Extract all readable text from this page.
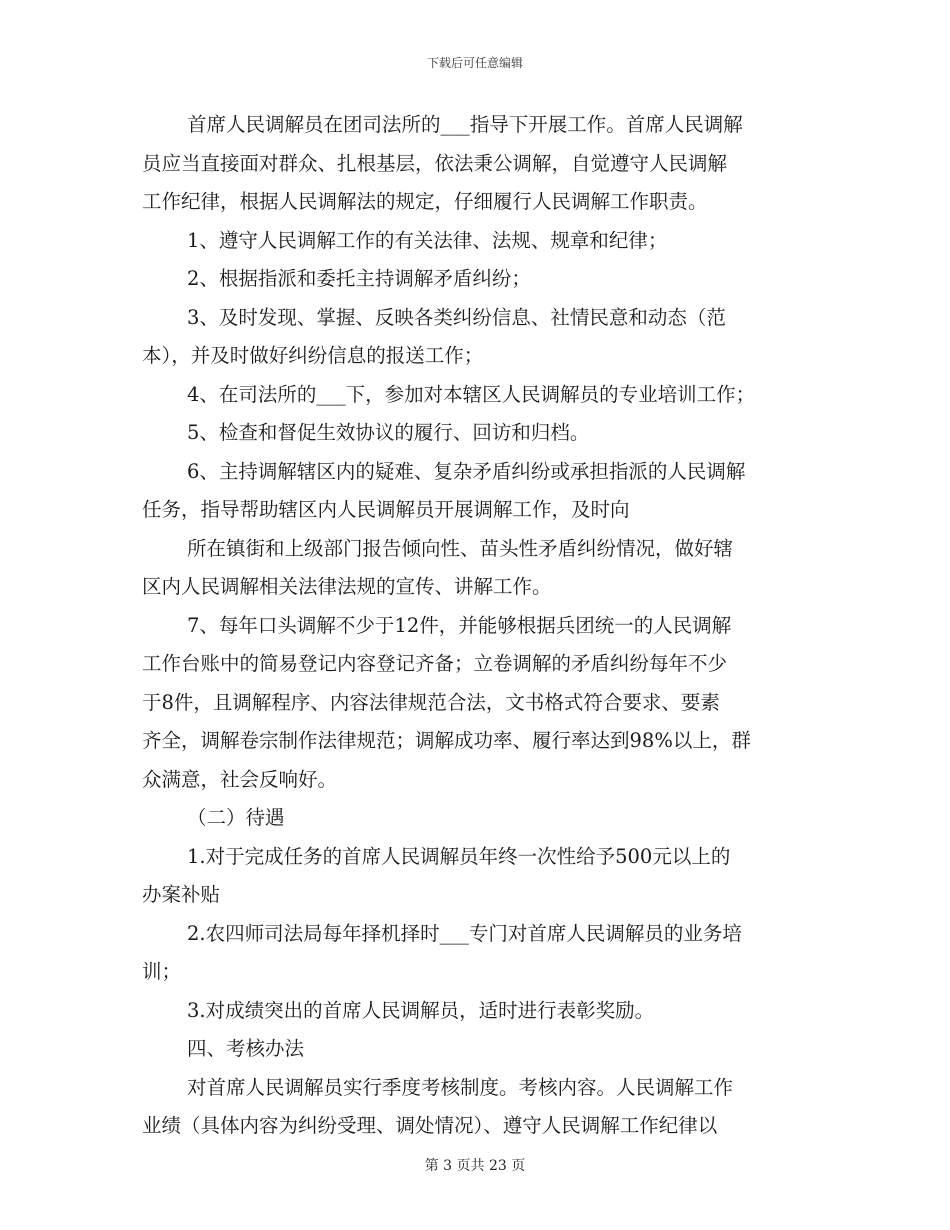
下载后可任意编辑
首席人民调解员在团司法所的___指导下开展工作。首席人民调解
员应当直接面对群众、扎根基层，依法秉公调解，自觉遵守人民调解
工作纪律，根据人民调解法的规定，仔细履行人民调解工作职责。
1、遵守人民调解工作的有关法律、法规、规章和纪律；
2、根据指派和委托主持调解矛盾纠纷；
3、及时发现、掌握、反映各类纠纷信息、社情民意和动态（范
本），并及时做好纠纷信息的报送工作；
4、在司法所的___下，参加对本辖区人民调解员的专业培训工作；
5、检查和督促生效协议的履行、回访和归档。
6、主持调解辖区内的疑难、复杂矛盾纠纷或承担指派的人民调解
任务，指导帮助辖区内人民调解员开展调解工作，及时向
所在镇街和上级部门报告倾向性、苗头性矛盾纠纷情况，做好辖
区内人民调解相关法律法规的宣传、讲解工作。
7、每年口头调解不少于12件，并能够根据兵团统一的人民调解
工作台账中的简易登记内容登记齐备；立卷调解的矛盾纠纷每年不少
于8件，且调解程序、内容法律规范合法，文书格式符合要求、要素
齐全，调解卷宗制作法律规范；调解成功率、履行率达到98%以上，群
众满意，社会反响好。
（二）待遇
1.对于完成任务的首席人民调解员年终一次性给予500元以上的
办案补贴
2.农四师司法局每年择机择时___专门对首席人民调解员的业务培
训；
3.对成绩突出的首席人民调解员，适时进行表彰奖励。
四、考核办法
对首席人民调解员实行季度考核制度。考核内容。人民调解工作
业绩（具体内容为纠纷受理、调处情况）、遵守人民调解工作纪律以
第 3 页共 23 页
